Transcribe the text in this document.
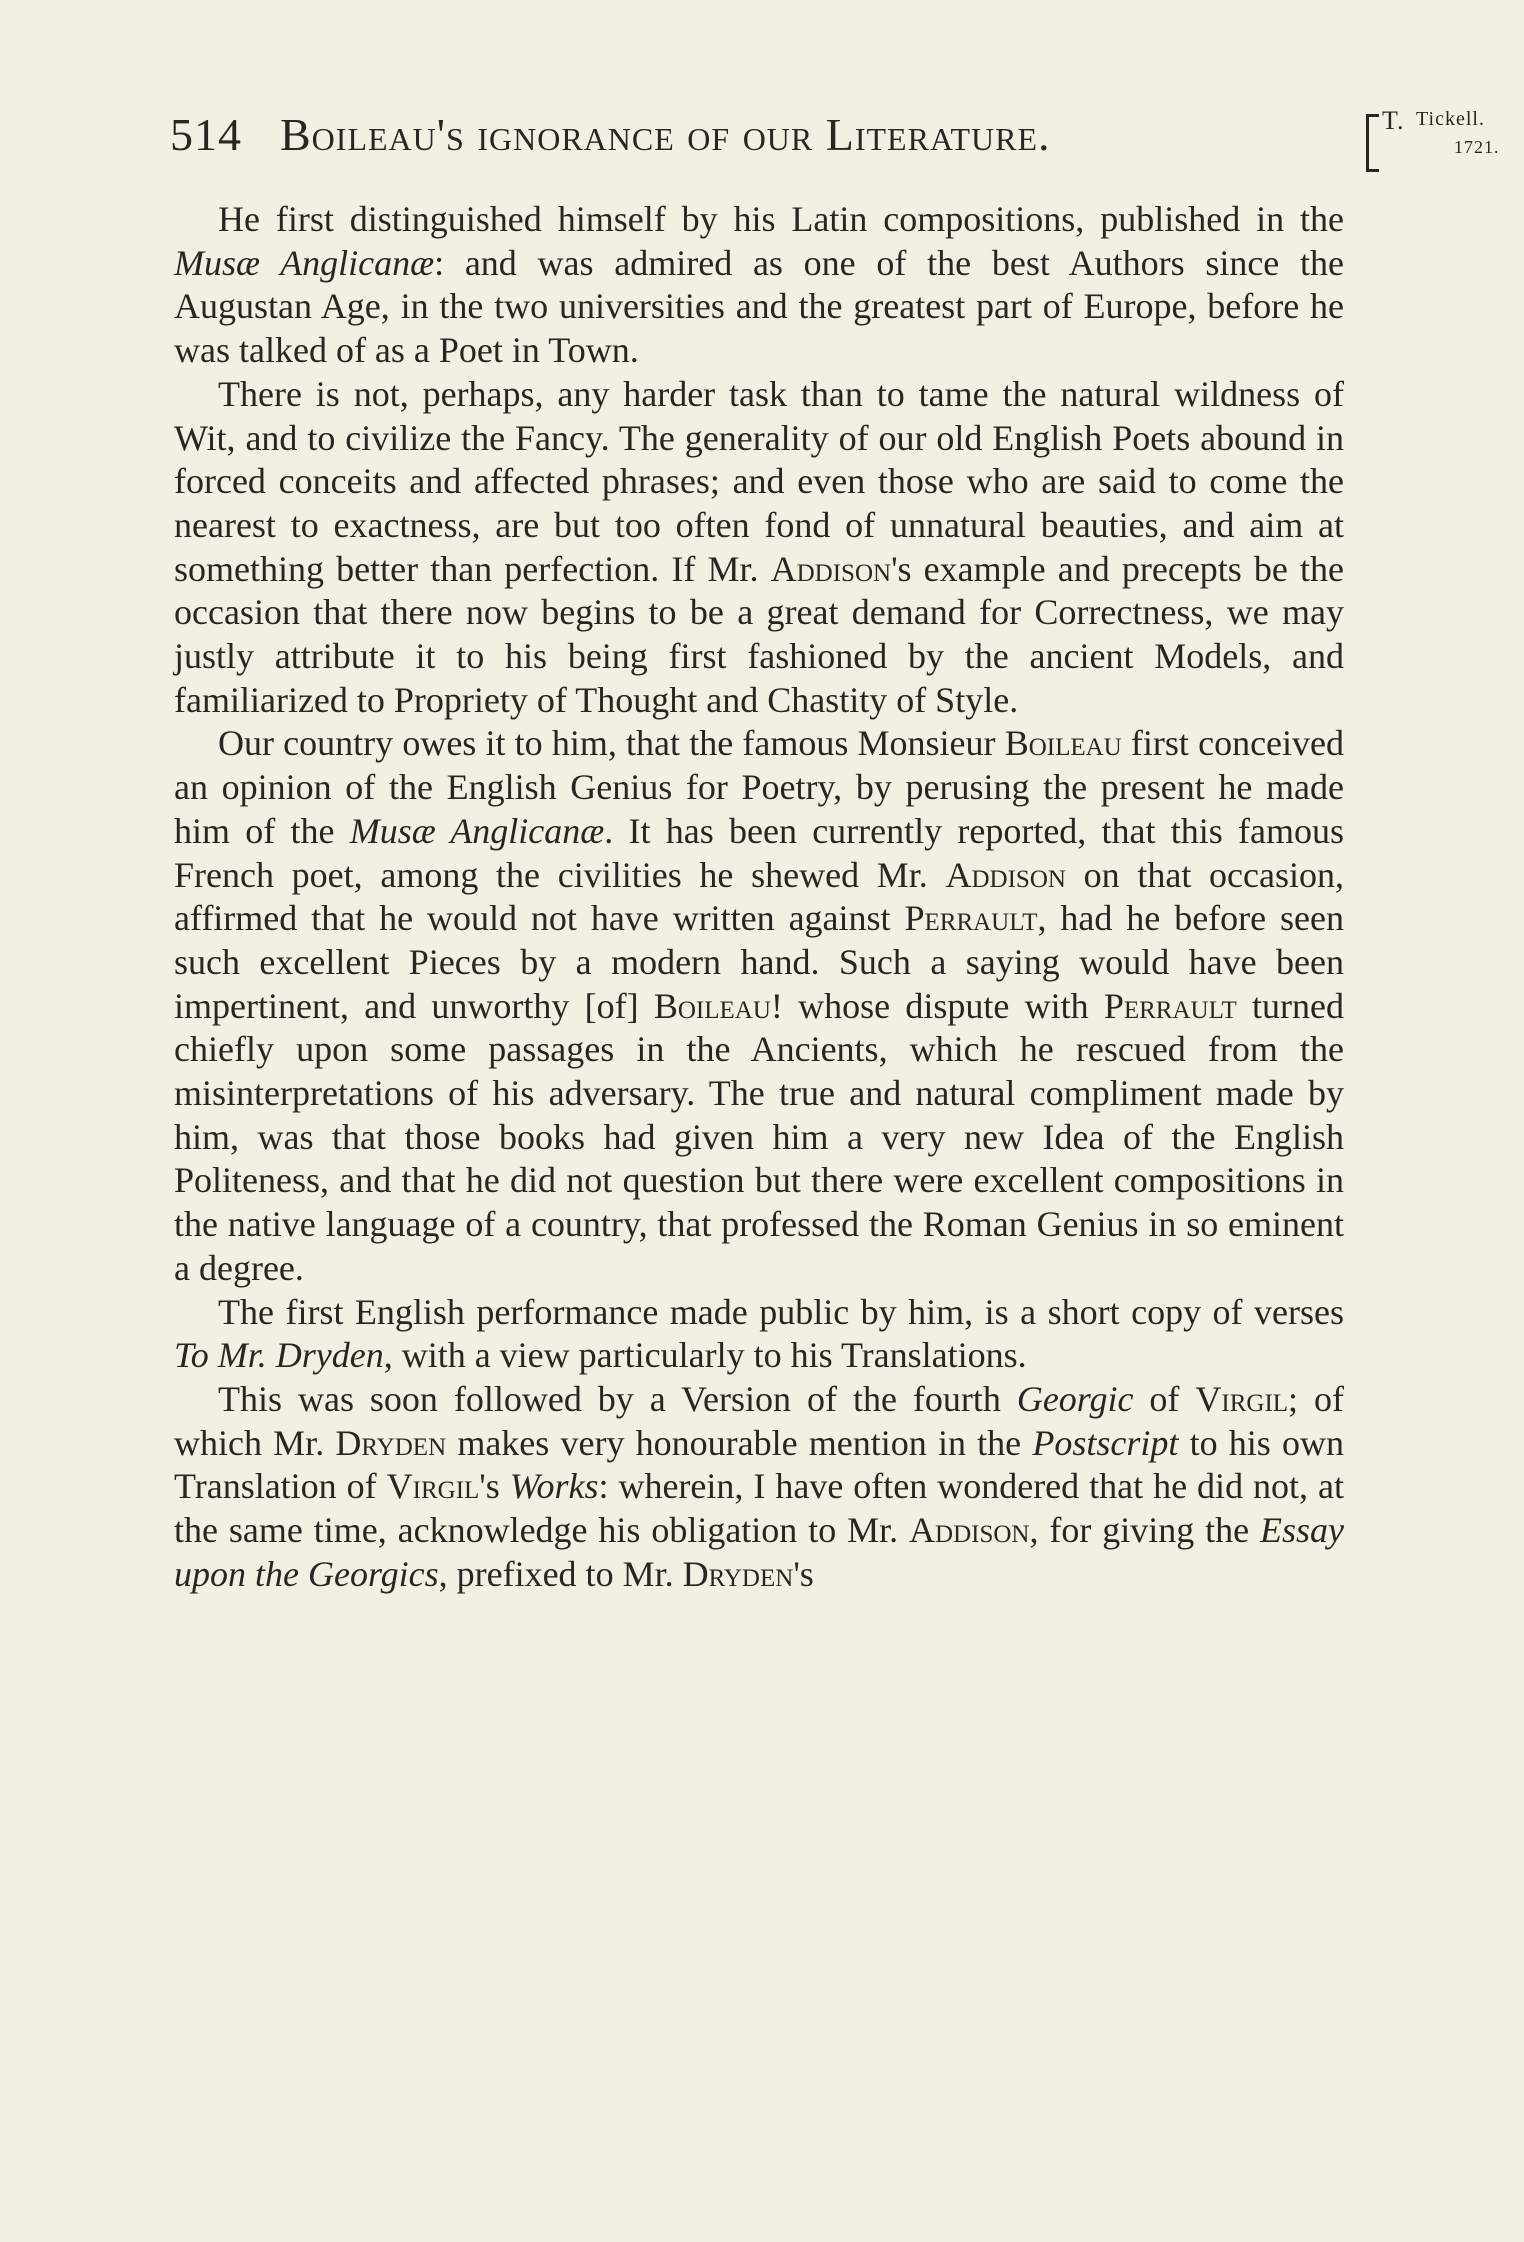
514 Boileau's ignorance of our Literature.	T. Tickell.
1721.

He first distinguished himself by his Latin compositions, published in the Musæ Anglicanæ: and was admired as one of the best Authors since the Augustan Age, in the two universities and the greatest part of Europe, before he was talked of as a Poet in Town.

There is not, perhaps, any harder task than to tame the natural wildness of Wit, and to civilize the Fancy. The generality of our old English Poets abound in forced conceits and affected phrases; and even those who are said to come the nearest to exactness, are but too often fond of unnatural beauties, and aim at something better than perfection. If Mr. Addison's example and precepts be the occasion that there now begins to be a great demand for Correctness, we may justly attribute it to his being first fashioned by the ancient Models, and familiarized to Propriety of Thought and Chastity of Style.

Our country owes it to him, that the famous Monsieur Boileau first conceived an opinion of the English Genius for Poetry, by perusing the present he made him of the Musæ Anglicanæ. It has been currently reported, that this famous French poet, among the civilities he shewed Mr. Addison on that occasion, affirmed that he would not have written against Perrault, had he before seen such excellent Pieces by a modern hand. Such a saying would have been impertinent, and unworthy [of] Boileau! whose dispute with Perrault turned chiefly upon some passages in the Ancients, which he rescued from the misinterpretations of his adversary. The true and natural compliment made by him, was that those books had given him a very new Idea of the English Politeness, and that he did not question but there were excellent compositions in the native language of a country, that professed the Roman Genius in so eminent a degree.

The first English performance made public by him, is a short copy of verses To Mr. Dryden, with a view particularly to his Translations.

This was soon followed by a Version of the fourth Georgic of Virgil; of which Mr. Dryden makes very honourable mention in the Postscript to his own Translation of Virgil's Works: wherein, I have often wondered that he did not, at the same time, acknowledge his obligation to Mr. Addison, for giving the Essay upon the Georgics, prefixed to Mr. Dryden's
